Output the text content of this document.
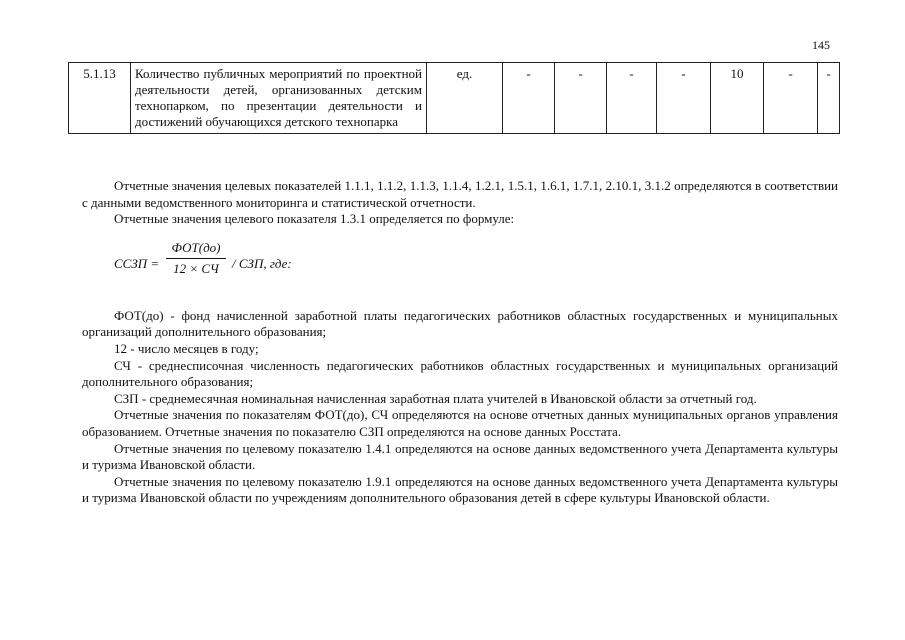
145
5.1.13	Количество публичных мероприятий по проектной деятельности детей, организованных детским технопарком, по презентации деятельности и достижений обучающихся детского технопарка	ед.	-	-	-	-	10	-	-

Отчетные значения целевых показателей 1.1.1, 1.1.2, 1.1.3, 1.1.4, 1.2.1, 1.5.1, 1.6.1, 1.7.1, 2.10.1, 3.1.2 определяются в соответствии с данными ведомственного мониторинга и статистической отчетности.

Отчетные значения целевого показателя 1.3.1 определяется по формуле:

ССЗП =
ФОТ(до)
12 × СЧ	/ СЗП, где:

ФОТ(до) - фонд начисленной заработной платы педагогических работников областных государственных и муниципальных организаций дополнительного образования;

12 - число месяцев в году;

СЧ - среднесписочная численность педагогических работников областных государственных и муниципальных организаций дополнительного образования;

СЗП - среднемесячная номинальная начисленная заработная плата учителей в Ивановской области за отчетный год.

Отчетные значения по показателям ФОТ(до), СЧ определяются на основе отчетных данных муниципальных органов управления образованием. Отчетные значения по показателю СЗП определяются на основе данных Росстата.

Отчетные значения по целевому показателю 1.4.1 определяются на основе данных ведомственного учета Департамента культуры и туризма Ивановской области.

Отчетные значения по целевому показателю 1.9.1 определяются на основе данных ведомственного учета Департамента культуры и туризма Ивановской области по учреждениям дополнительного образования детей в сфере культуры Ивановской области.
